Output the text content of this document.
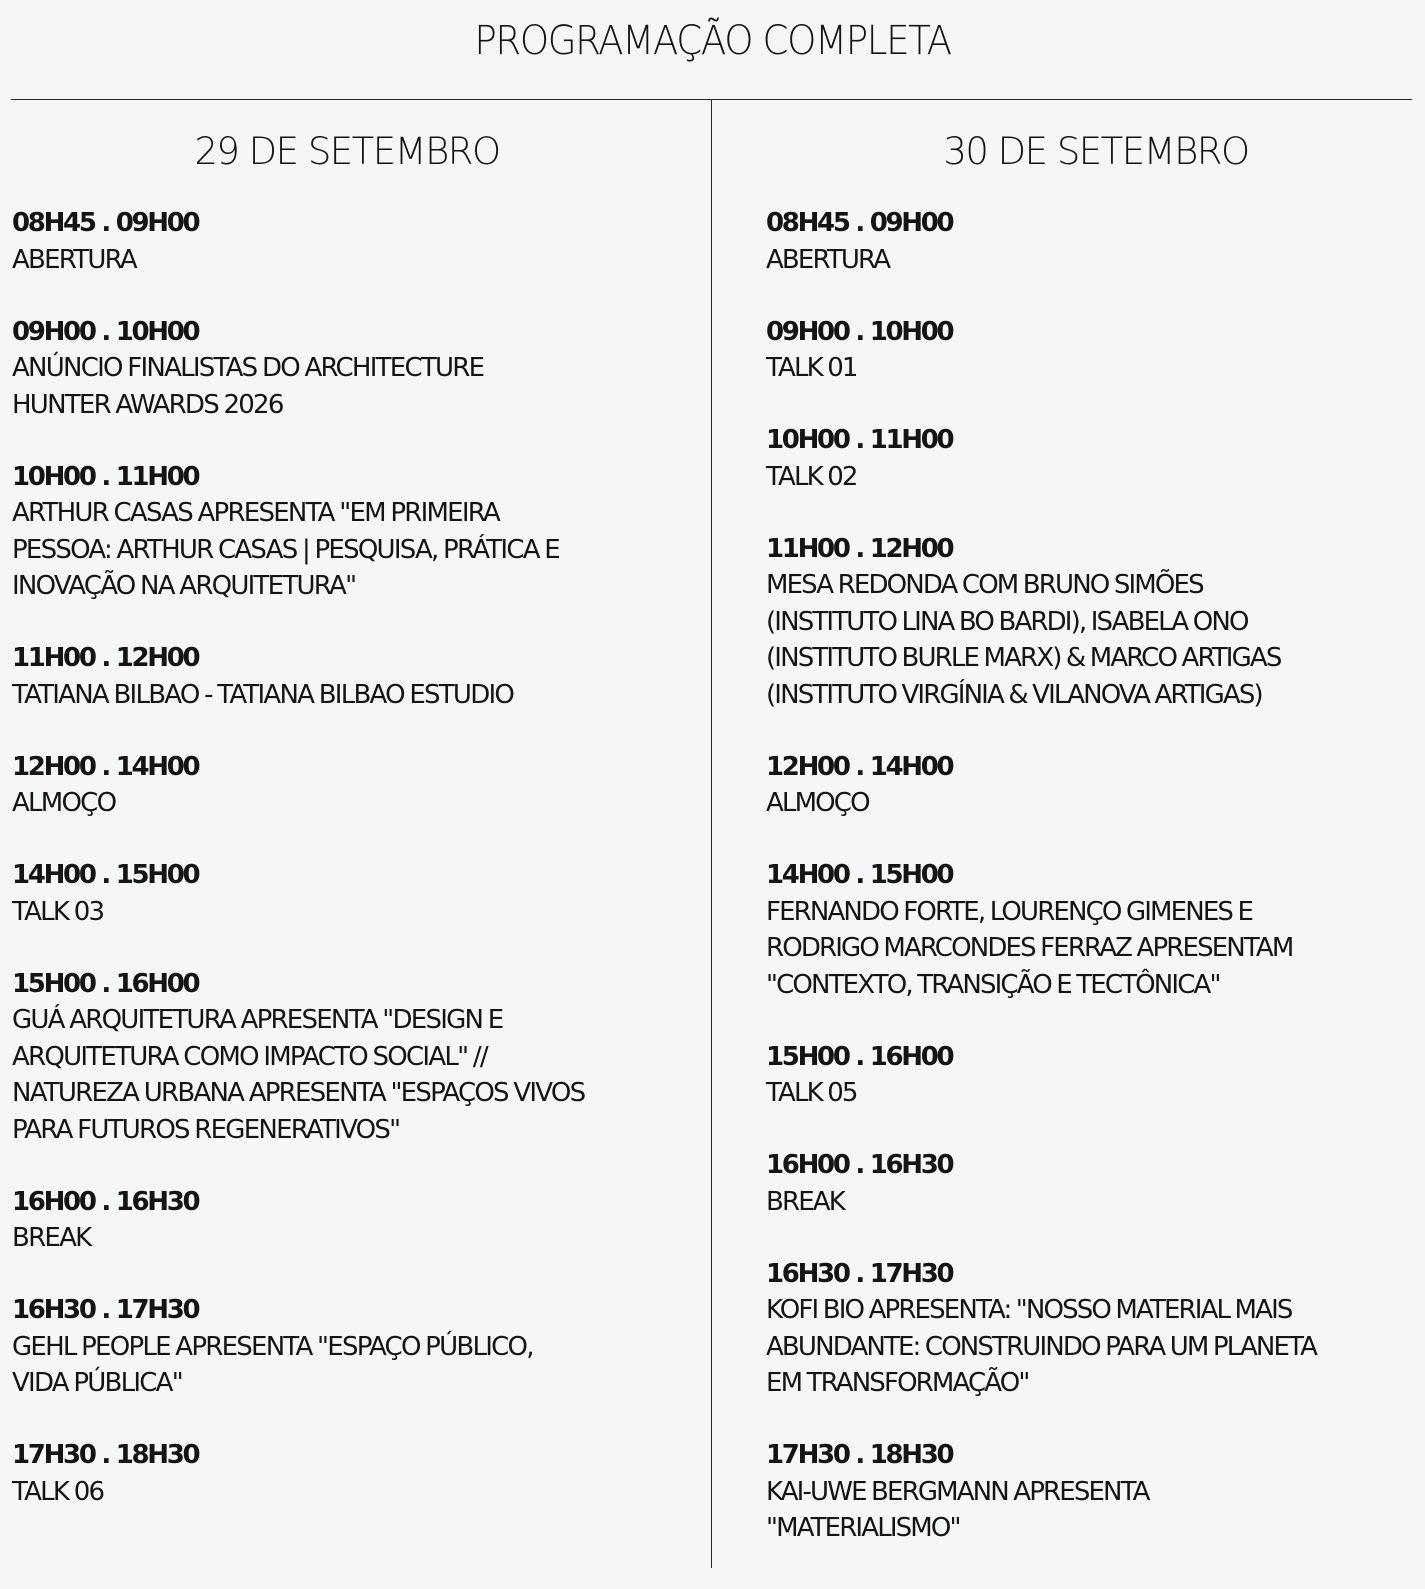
PROGRAMAÇÃO COMPLETA
29 DE SETEMBRO
08H45 . 09H00
ABERTURA
09H00 . 10H00
ANÚNCIO FINALISTAS DO ARCHITECTURE
HUNTER AWARDS 2026
10H00 . 11H00
ARTHUR CASAS APRESENTA "EM PRIMEIRA
PESSOA: ARTHUR CASAS | PESQUISA, PRÁTICA E
INOVAÇÃO NA ARQUITETURA"
11H00 . 12H00
TATIANA BILBAO - TATIANA BILBAO ESTUDIO
12H00 . 14H00
ALMOÇO
14H00 . 15H00
TALK 03
15H00 . 16H00
GUÁ ARQUITETURA APRESENTA "DESIGN E
ARQUITETURA COMO IMPACTO SOCIAL" //
NATUREZA URBANA APRESENTA "ESPAÇOS VIVOS
PARA FUTUROS REGENERATIVOS"
16H00 . 16H30
BREAK
16H30 . 17H30
GEHL PEOPLE APRESENTA "ESPAÇO PÚBLICO,
VIDA PÚBLICA"
17H30 . 18H30
TALK 06
30 DE SETEMBRO
08H45 . 09H00
ABERTURA
09H00 . 10H00
TALK 01
10H00 . 11H00
TALK 02
11H00 . 12H00
MESA REDONDA COM BRUNO SIMÕES
(INSTITUTO LINA BO BARDI), ISABELA ONO
(INSTITUTO BURLE MARX) & MARCO ARTIGAS
(INSTITUTO VIRGÍNIA & VILANOVA ARTIGAS)
12H00 . 14H00
ALMOÇO
14H00 . 15H00
FERNANDO FORTE, LOURENÇO GIMENES E
RODRIGO MARCONDES FERRAZ APRESENTAM
"CONTEXTO, TRANSIÇÃO E TECTÔNICA"
15H00 . 16H00
TALK 05
16H00 . 16H30
BREAK
16H30 . 17H30
KOFI BIO APRESENTA: "NOSSO MATERIAL MAIS
ABUNDANTE: CONSTRUINDO PARA UM PLANETA
EM TRANSFORMAÇÃO"
17H30 . 18H30
KAI-UWE BERGMANN APRESENTA
"MATERIALISMO"
